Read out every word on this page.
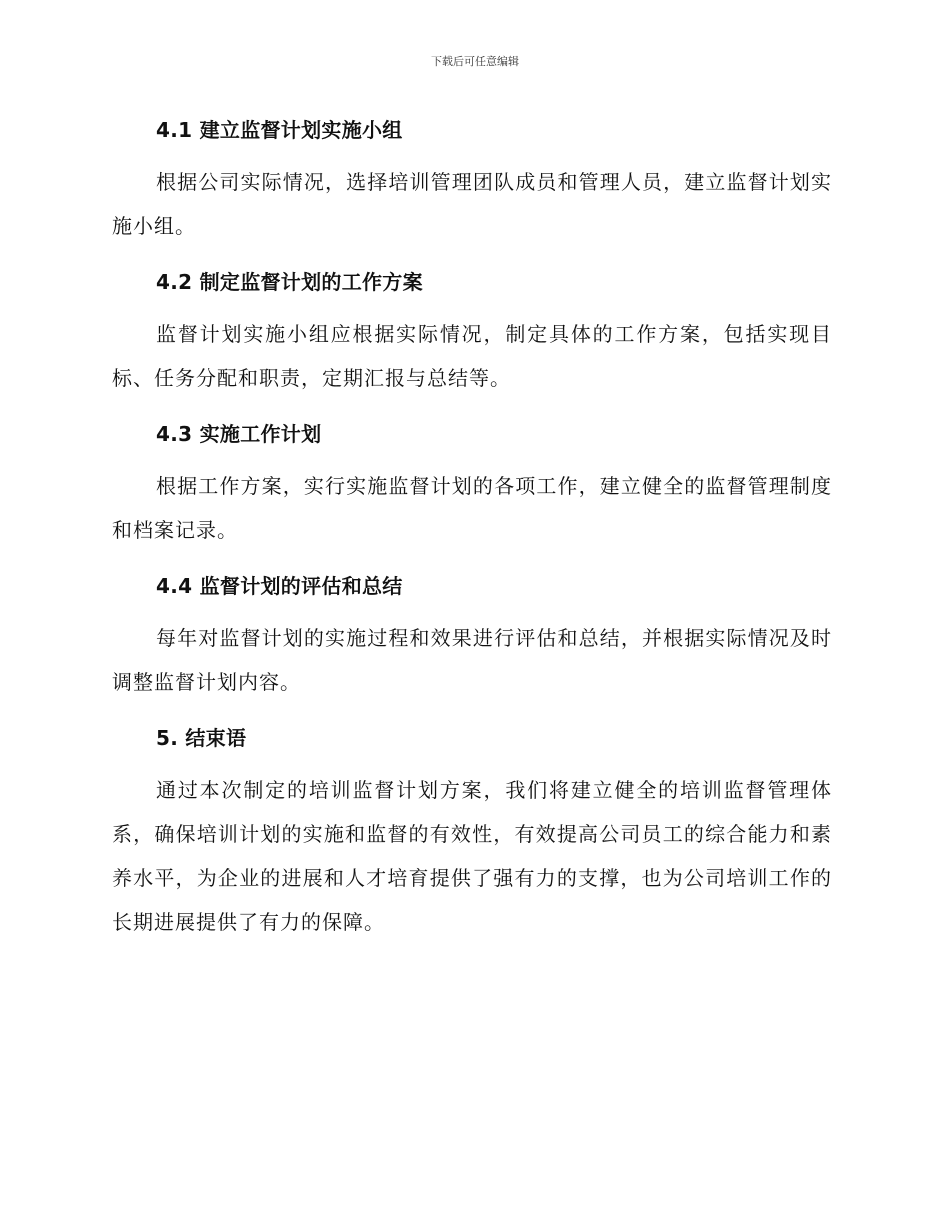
下载后可任意编辑
4.1 建立监督计划实施小组

根据公司实际情况，选择培训管理团队成员和管理人员，建立监督计划实施小组。

4.2 制定监督计划的工作方案

监督计划实施小组应根据实际情况，制定具体的工作方案，包括实现目标、任务分配和职责，定期汇报与总结等。

4.3 实施工作计划

根据工作方案，实行实施监督计划的各项工作，建立健全的监督管理制度和档案记录。

4.4 监督计划的评估和总结

每年对监督计划的实施过程和效果进行评估和总结，并根据实际情况及时调整监督计划内容。

5. 结束语

通过本次制定的培训监督计划方案，我们将建立健全的培训监督管理体系，确保培训计划的实施和监督的有效性，有效提高公司员工的综合能力和素养水平，为企业的进展和人才培育提供了强有力的支撑，也为公司培训工作的长期进展提供了有力的保障。
